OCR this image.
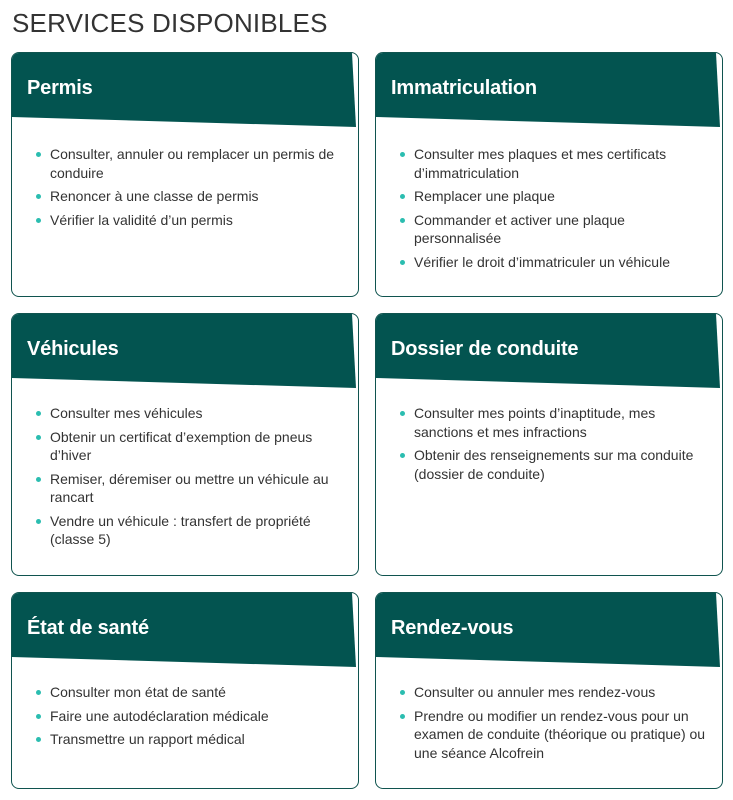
SERVICES DISPONIBLES
Permis
Consulter, annuler ou remplacer un permis de conduire
Renoncer à une classe de permis
Vérifier la validité d’un permis
Immatriculation
Consulter mes plaques et mes certificats d’immatriculation
Remplacer une plaque
Commander et activer une plaque personnalisée
Vérifier le droit d’immatriculer un véhicule
Véhicules
Consulter mes véhicules
Obtenir un certificat d’exemption de pneus d’hiver
Remiser, déremiser ou mettre un véhicule au rancart
Vendre un véhicule : transfert de propriété (classe 5)
Dossier de conduite
Consulter mes points d’inaptitude, mes sanctions et mes infractions
Obtenir des renseignements sur ma conduite (dossier de conduite)
État de santé
Consulter mon état de santé
Faire une autodéclaration médicale
Transmettre un rapport médical
Rendez-vous
Consulter ou annuler mes rendez-vous
Prendre ou modifier un rendez-vous pour un examen de conduite (théorique ou pratique) ou une séance Alcofrein
